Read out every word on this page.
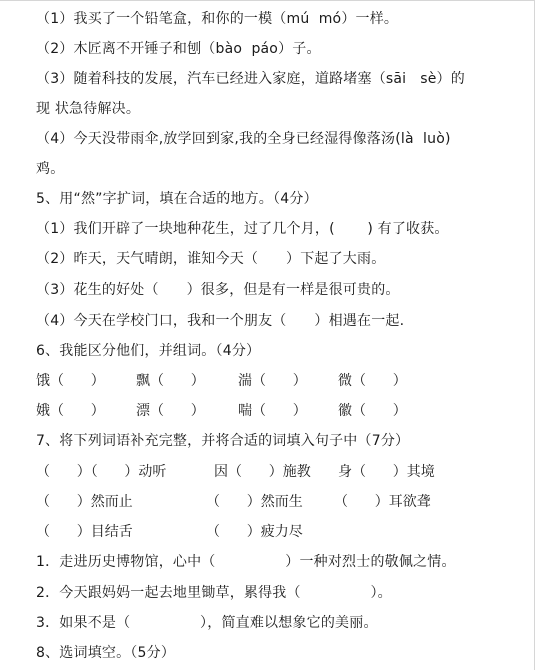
（1）我买了一个铅笔盒，和你的一模（mú  mó）一样。
（2）木匠离不开锤子和刨（bào  páo）子。
（3）随着科技的发展，汽车已经进入家庭，道路堵塞（sāi   sè）的
现 状急待解决。
（4）今天没带雨伞,放学回到家,我的全身已经湿得像落汤(là  luò)
鸡。
5、用“然”字扩词，填在合适的地方。（4分）
（1）我们开辟了一块地种花生，过了几个月，(       ) 有了收获。
（2）昨天，天气晴朗，谁知今天（      ）下起了大雨。
（3）花生的好处（      ）很多，但是有一样是很可贵的。
（4）今天在学校门口，我和一个朋友（      ）相遇在一起.
6、我能区分他们，并组词。（4分）
饿（      ） 飘（      ） 湍（      ） 微（      ）
娥（      ） 漂（      ） 喘（      ） 徽（      ）
7、将下列词语补充完整，并将合适的词填入句子中（7分）
（      ）（      ）动听	因（      ）施教 身（      ）其境
（      ）然而止	（      ）然而生 （      ）耳欲聋
（      ）目结舌	（      ）疲力尽
1．走进历史博物馆，心中（               ）一种对烈士的敬佩之情。
2．今天跟妈妈一起去地里锄草，累得我（               ）。
3．如果不是（               ），简直难以想象它的美丽。
8、选词填空。（5分）
